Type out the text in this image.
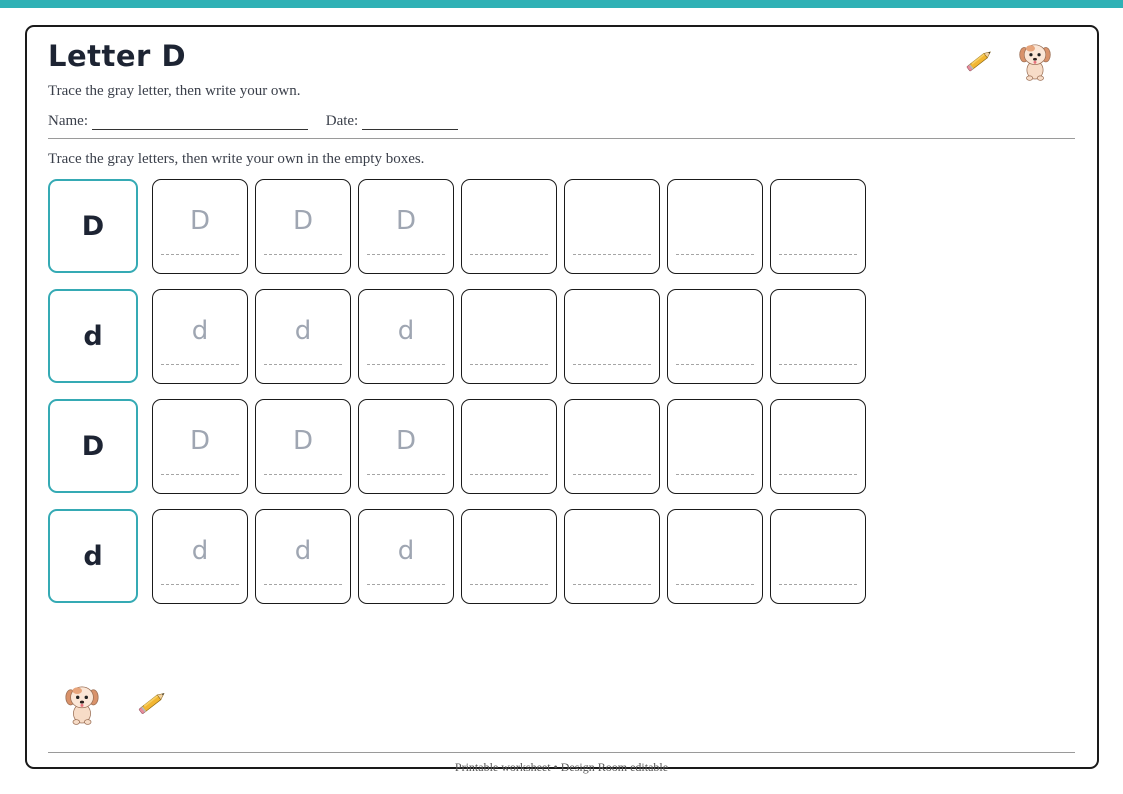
Letter D
Trace the gray letter, then write your own.
Name:	Date:
Trace the gray letters, then write your own in the empty boxes.
D	D	D	D
d	d	d	d
D	D	D	D
d	d	d	d
Printable worksheet • Design Room editable
